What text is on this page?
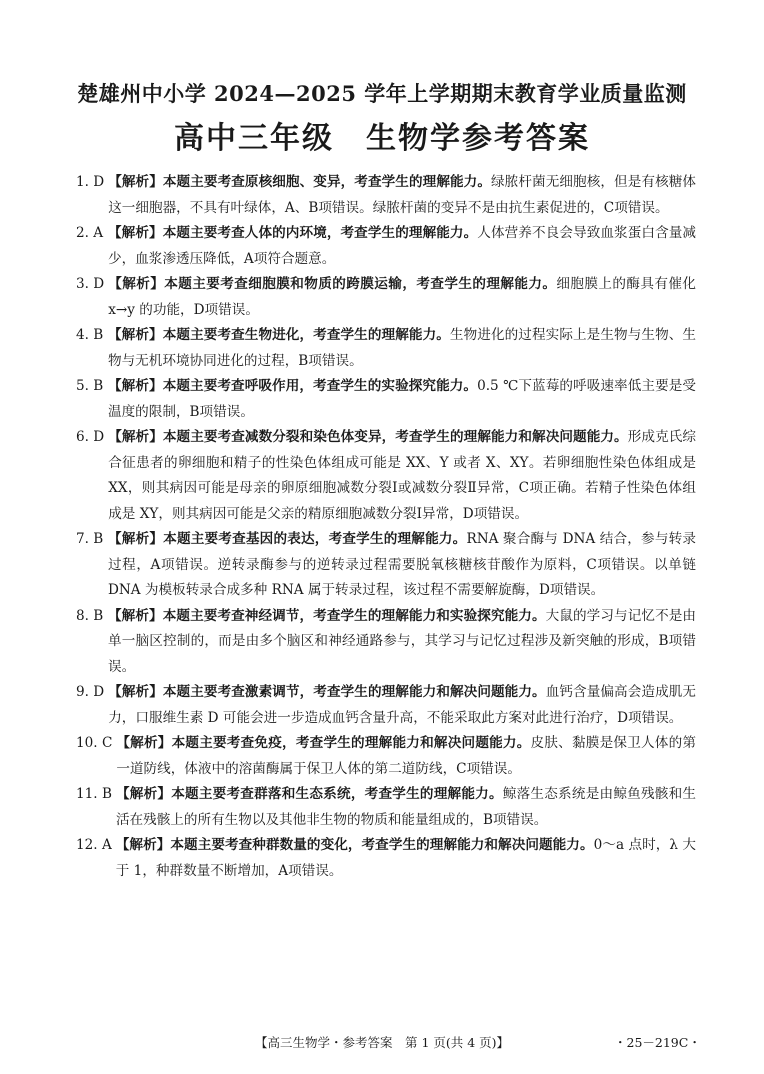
楚雄州中小学 2024—2025 学年上学期期末教育学业质量监测
高中三年级　生物学参考答案
1. D 【解析】本题主要考查原核细胞、变异，考查学生的理解能力。绿脓杆菌无细胞核，但是有核糖体这一细胞器，不具有叶绿体，A、B项错误。绿脓杆菌的变异不是由抗生素促进的，C项错误。
2. A 【解析】本题主要考查人体的内环境，考查学生的理解能力。人体营养不良会导致血浆蛋白含量减少，血浆渗透压降低，A项符合题意。
3. D 【解析】本题主要考查细胞膜和物质的跨膜运输，考查学生的理解能力。细胞膜上的酶具有催化 x→y 的功能，D项错误。
4. B 【解析】本题主要考查生物进化，考查学生的理解能力。生物进化的过程实际上是生物与生物、生物与无机环境协同进化的过程，B项错误。
5. B 【解析】本题主要考查呼吸作用，考查学生的实验探究能力。0.5 ℃下蓝莓的呼吸速率低主要是受温度的限制，B项错误。
6. D 【解析】本题主要考查减数分裂和染色体变异，考查学生的理解能力和解决问题能力。形成克氏综合征患者的卵细胞和精子的性染色体组成可能是 XX、Y 或者 X、XY。若卵细胞性染色体组成是 XX，则其病因可能是母亲的卵原细胞减数分裂Ⅰ或减数分裂Ⅱ异常，C项正确。若精子性染色体组成是 XY，则其病因可能是父亲的精原细胞减数分裂Ⅰ异常，D项错误。
7. B 【解析】本题主要考查基因的表达，考查学生的理解能力。RNA 聚合酶与 DNA 结合，参与转录过程，A项错误。逆转录酶参与的逆转录过程需要脱氧核糖核苷酸作为原料，C项错误。以单链 DNA 为模板转录合成多种 RNA 属于转录过程，该过程不需要解旋酶，D项错误。
8. B 【解析】本题主要考查神经调节，考查学生的理解能力和实验探究能力。大鼠的学习与记忆不是由单一脑区控制的，而是由多个脑区和神经通路参与，其学习与记忆过程涉及新突触的形成，B项错误。
9. D 【解析】本题主要考查激素调节，考查学生的理解能力和解决问题能力。血钙含量偏高会造成肌无力，口服维生素 D 可能会进一步造成血钙含量升高，不能采取此方案对此进行治疗，D项错误。
10. C 【解析】本题主要考查免疫，考查学生的理解能力和解决问题能力。皮肤、黏膜是保卫人体的第一道防线，体液中的溶菌酶属于保卫人体的第二道防线，C项错误。
11. B 【解析】本题主要考查群落和生态系统，考查学生的理解能力。鲸落生态系统是由鲸鱼残骸和生活在残骸上的所有生物以及其他非生物的物质和能量组成的，B项错误。
12. A 【解析】本题主要考查种群数量的变化，考查学生的理解能力和解决问题能力。0～a 点时，λ 大于 1，种群数量不断增加，A项错误。
【高三生物学・参考答案　第 1 页(共 4 页)】	・25－219C・
